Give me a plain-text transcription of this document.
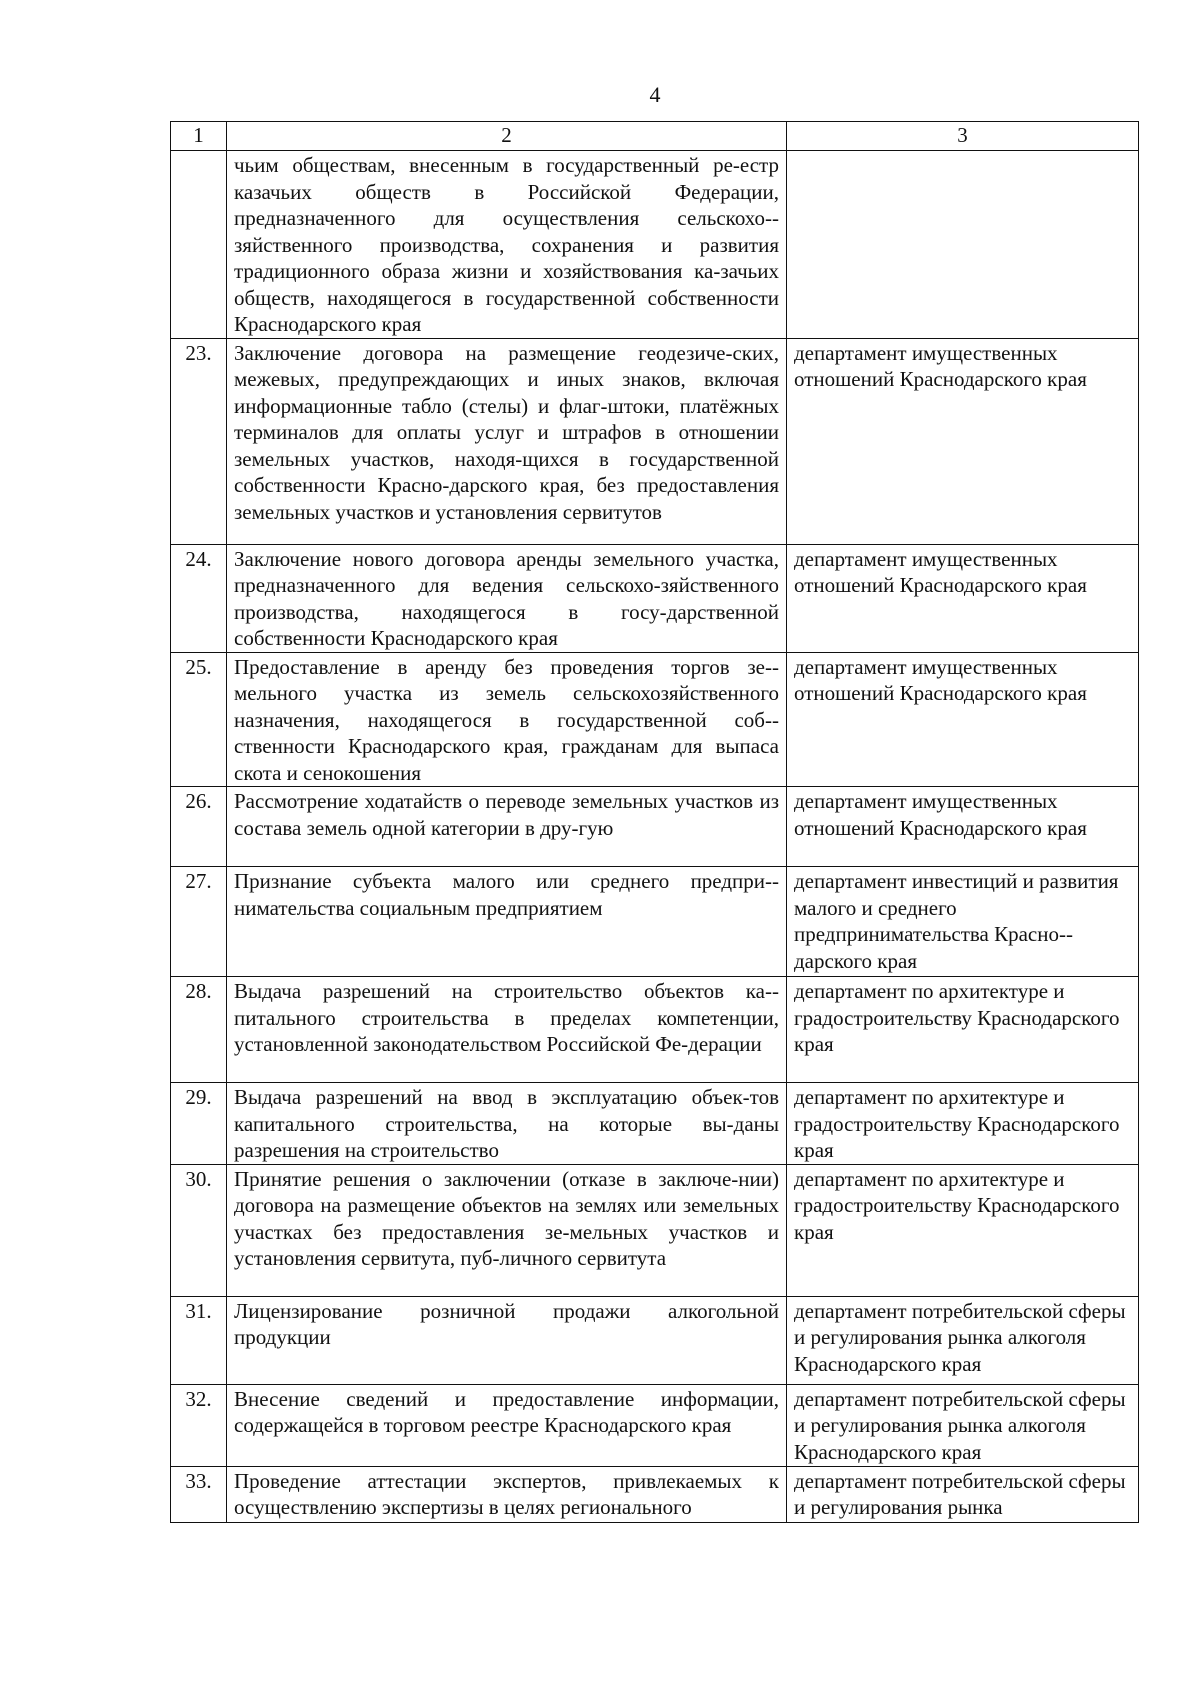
4
1	2	3
	чьим обществам, внесенным в государственный ре-естр казачьих обществ в Российской Федерации, предназначенного для осуществления сельскохо-зяйственного производства, сохранения и развития традиционного образа жизни и хозяйствования ка-зачьих обществ, находящегося в государственной собственности Краснодарского края	
23.	Заключение договора на размещение геодезиче-ских, межевых, предупреждающих и иных знаков, включая информационные табло (стелы) и флаг-штоки, платёжных терминалов для оплаты услуг и штрафов в отношении земельных участков, находя-щихся в государственной собственности Красно-дарского края, без предоставления земельных участков и установления сервитутов	департамент имущественных отношений Краснодарского края
24.	Заключение нового договора аренды земельного участка, предназначенного для ведения сельскохо-зяйственного производства, находящегося в госу-дарственной собственности Краснодарского края	департамент имущественных отношений Краснодарского края
25.	Предоставление в аренду без проведения торгов зе-мельного участка из земель сельскохозяйственного назначения, находящегося в государственной соб-ственности Краснодарского края, гражданам для выпаса скота и сенокошения	департамент имущественных отношений Краснодарского края
26.	Рассмотрение ходатайств о переводе земельных участков из состава земель одной категории в дру-гую	департамент имущественных отношений Краснодарского края
27.	Признание субъекта малого или среднего предпри-нимательства социальным предприятием	департамент инвестиций и развития малого и среднего предпринимательства Красно-дарского края
28.	Выдача разрешений на строительство объектов ка-питального строительства в пределах компетенции, установленной законодательством Российской Фе-дерации	департамент по архитектуре и градостроительству Краснодарского края
29.	Выдача разрешений на ввод в эксплуатацию объек-тов капитального строительства, на которые вы-даны разрешения на строительство	департамент по архитектуре и градостроительству Краснодарского края
30.	Принятие решения о заключении (отказе в заключе-нии) договора на размещение объектов на землях или земельных участках без предоставления зе-мельных участков и установления сервитута, пуб-личного сервитута	департамент по архитектуре и градостроительству Краснодарского края
31.	Лицензирование розничной продажи алкогольной продукции	департамент потребительской сферы и регулирования рынка алкоголя Краснодарского края
32.	Внесение сведений и предоставление информации, содержащейся в торговом реестре Краснодарского края	департамент потребительской сферы и регулирования рынка алкоголя Краснодарского края
33.	Проведение аттестации экспертов, привлекаемых к осуществлению экспертизы в целях регионального	департамент потребительской сферы и регулирования рынка
